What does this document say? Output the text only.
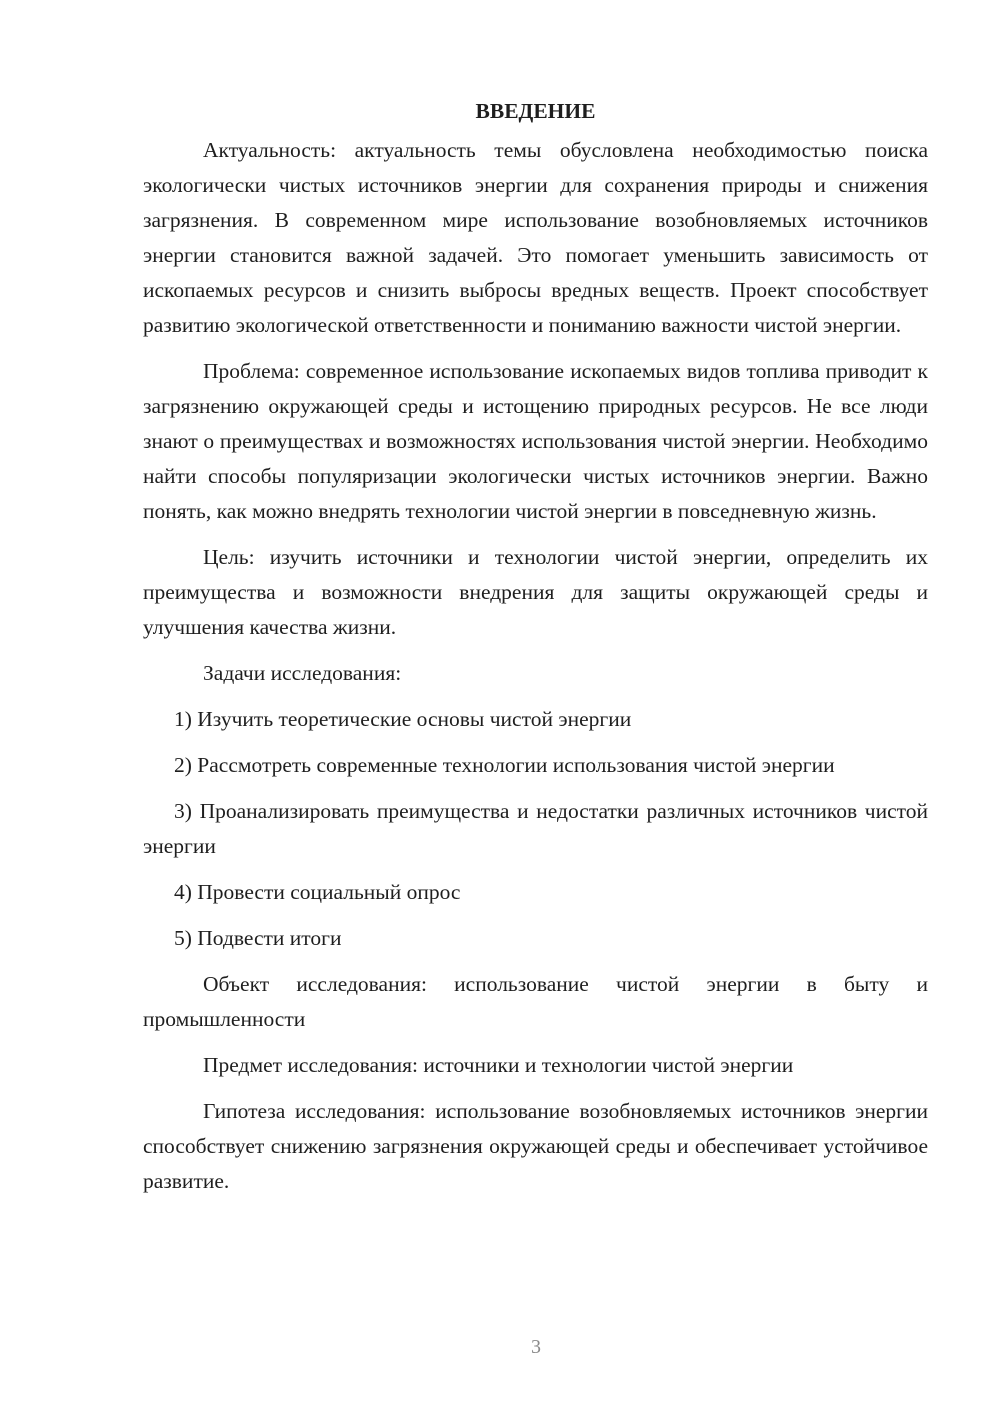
ВВЕДЕНИЕ

Актуальность: актуальность темы обусловлена необходимостью поиска экологически чистых источников энергии для сохранения природы и снижения загрязнения. В современном мире использование возобновляемых источников энергии становится важной задачей. Это помогает уменьшить зависимость от ископаемых ресурсов и снизить выбросы вредных веществ. Проект способствует развитию экологической ответственности и пониманию важности чистой энергии.

Проблема: современное использование ископаемых видов топлива приводит к загрязнению окружающей среды и истощению природных ресурсов. Не все люди знают о преимуществах и возможностях использования чистой энергии. Необходимо найти способы популяризации экологически чистых источников энергии. Важно понять, как можно внедрять технологии чистой энергии в повседневную жизнь.

Цель: изучить источники и технологии чистой энергии, определить их преимущества и возможности внедрения для защиты окружающей среды и улучшения качества жизни.

Задачи исследования:

1) Изучить теоретические основы чистой энергии

2) Рассмотреть современные технологии использования чистой энергии

3) Проанализировать преимущества и недостатки различных источников чистой энергии

4) Провести социальный опрос

5) Подвести итоги

Объект исследования: использование чистой энергии в быту и промышленности

Предмет исследования: источники и технологии чистой энергии

Гипотеза исследования: использование возобновляемых источников энергии способствует снижению загрязнения окружающей среды и обеспечивает устойчивое развитие.

3
